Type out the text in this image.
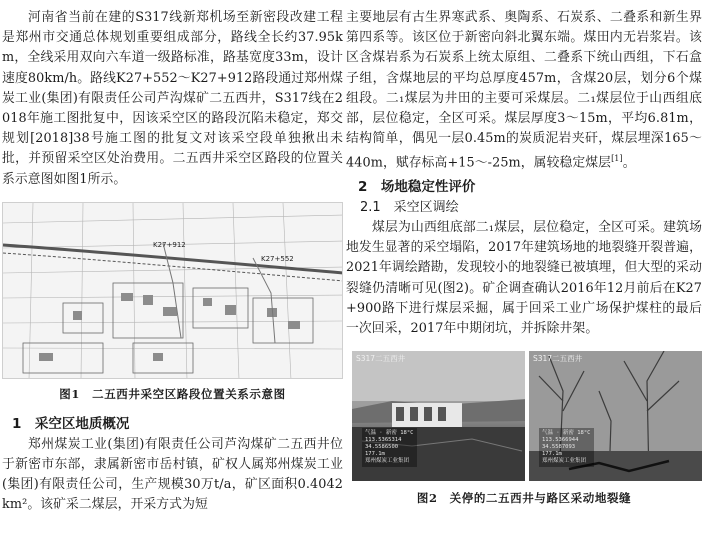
河南省当前在建的S317线新郑机场至新密段改建工程是郑州市交通总体规划重要组成部分，路线全长约37.95km，全线采用双向六车道一级路标准，路基宽度33m，设计速度80km/h。路线K27+552～K27+912路段通过郑州煤炭工业(集团)有限责任公司芦沟煤矿二五西井，S317线在2018年施工图批复中，因该采空区的路段沉陷未稳定，郑交规划[2018]38号施工图的批复文对该采空段单独揪出未批，并预留采空区处治费用。二五西井采空区路段的位置关系示意图如图1所示。

K27+912
K27+552

图1　二五西井采空区路段位置关系示意图

1　采空区地质概况

郑州煤炭工业(集团)有限责任公司芦沟煤矿二五西井位于新密市东部，隶属新密市岳村镇，矿权人属郑州煤炭工业(集团)有限责任公司，生产规模30万t/a，矿区面积0.4042km²。该矿采二煤层，开采方式为短

主要地层有古生界寒武系、奥陶系、石炭系、二叠系和新生界第四系等。该区位于新密向斜北翼东端。煤田内无岩浆岩。该区含煤岩系为石炭系上统太原组、二叠系下统山西组，下石盒子组，含煤地层的平均总厚度457m，含煤20层，划分6个煤组段。二₁煤层为井田的主要可采煤层。二₁煤层位于山西组底部，层位稳定，全区可采。煤层厚度3～15m，平均6.81m，结构简单，偶见一层0.45m的炭质泥岩夹矸，煤层埋深165～440m，赋存标高+15～-25m，属较稳定煤层[1]。

2　场地稳定性评价

2.1　采空区调绘

煤层为山西组底部二₁煤层，层位稳定，全区可采。建筑场地发生显著的采空塌陷，2017年建筑场地的地裂缝开裂普遍，2021年调绘踏勘，发现较小的地裂缝已被填埋，但大型的采动裂缝仍清晰可见(图2)。矿企调查确认2016年12月前后在K27+900路下进行煤层采掘，属于回采工业广场保护煤柱的最后一次回采，2017年中期闭坑，并拆除井架。

S317二五西井
气温 · 新密 18°C
113.5365314
34.5586500
177.1m
郑州煤炭工业集团
S317二五西井
气温 · 新密 18°C
113.5366944
34.5587093
177.1m
郑州煤炭工业集团

图2　关停的二五西井与路区采动地裂缝
